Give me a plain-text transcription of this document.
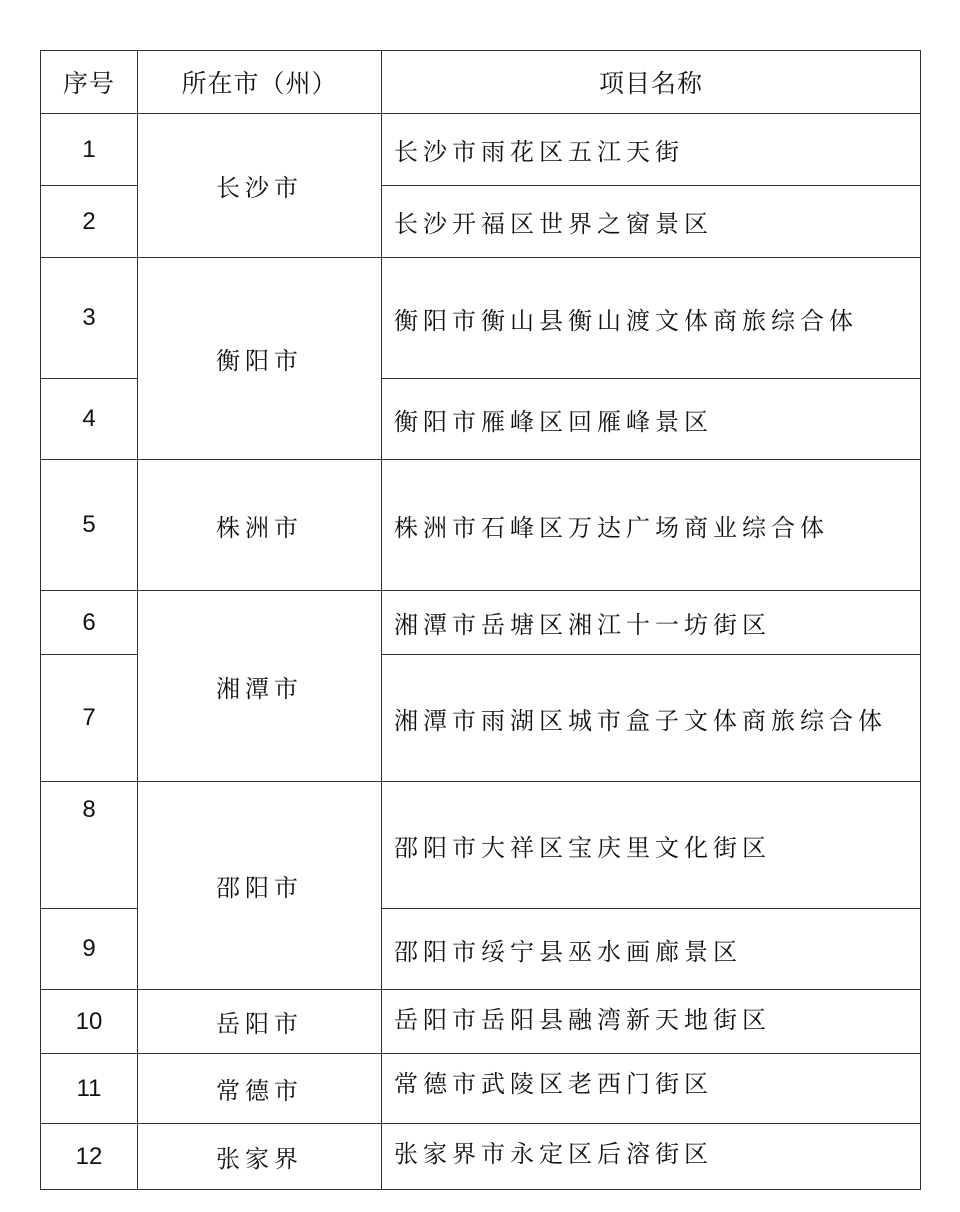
序号	所在市（州）	项目名称
1	长沙市	长沙市雨花区五江天街
2		长沙开福区世界之窗景区
3	衡阳市	衡阳市衡山县衡山渡文体商旅综合体
4		衡阳市雁峰区回雁峰景区
5	株洲市	株洲市石峰区万达广场商业综合体
6	湘潭市	湘潭市岳塘区湘江十一坊街区
7		湘潭市雨湖区城市盒子文体商旅综合体
8	邵阳市	邵阳市大祥区宝庆里文化街区
9		邵阳市绥宁县巫水画廊景区
10	岳阳市	岳阳市岳阳县融湾新天地街区
11	常德市	常德市武陵区老西门街区
12	张家界	张家界市永定区后溶街区
